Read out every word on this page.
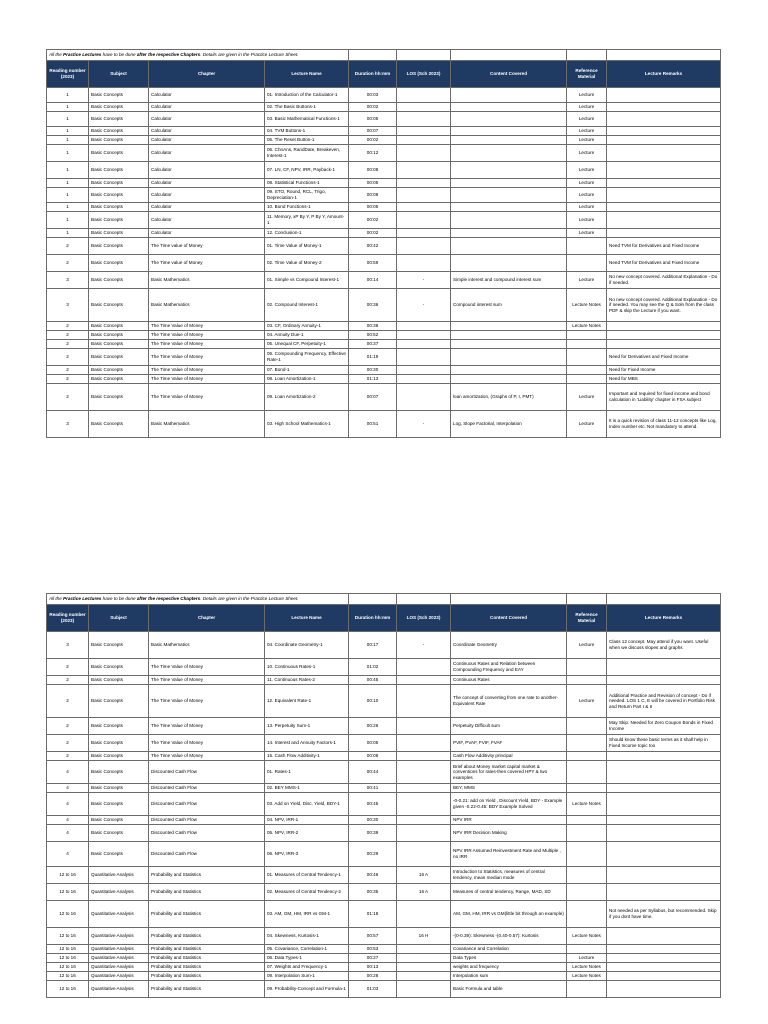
All the Practice Lectures have to be done after the respective Chapters. Details are given in the Practice Lecture Sheet.								
Reading number (2023)	Subject	Chapter	Lecture Name	Duration hh:mm	LOS (Sch 2023)	Content Covered	Reference Material	Lecture Remarks
1	Basic Concepts	Calculator	01. Introduction of the Calculator-1	00:03			Lecture	
1	Basic Concepts	Calculator	02. The Basic Buttons-1	00:02			Lecture	
1	Basic Concepts	Calculator	03. Basic Mathematical Functions-1	00:05			Lecture	
1	Basic Concepts	Calculator	04. TVM Buttons-1	00:07			Lecture	
1	Basic Concepts	Calculator	05. The Reset Button-1	00:02			Lecture	
1	Basic Concepts	Calculator	06. ChnAns, RandDate, Breakeven, Interest-1	00:12			Lecture	
1	Basic Concepts	Calculator	07. LN, CF, NPV, IRR, Payback-1	00:08			Lecture	
1	Basic Concepts	Calculator	08. Statistical Functions-1	00:05			Lecture	
1	Basic Concepts	Calculator	09. STO, Round, RCL, Trigo, Depreciation-1	00:08			Lecture	
1	Basic Concepts	Calculator	10. Bond Functions-1	00:05			Lecture	
1	Basic Concepts	Calculator	11. Memory, xP By Y, P By Y, Amount-1	00:02			Lecture	
1	Basic Concepts	Calculator	12. Conclusion-1	00:02			Lecture	
2	Basic Concepts	The Time value of Money	01. Time Value of Money-1	00:42				Need TVM for Derivatives and Fixed Income
2	Basic Concepts	The Time value of Money	02. Time Value of Money-2	00:59				Need TVM for Derivatives and Fixed Income
3	Basic Concepts	Basic Mathematics	01. Simple vs Compound Interest-1	00:14	-	Simple interest and compound interest sum	Lecture	No new concept covered. Additional Explanation - Do if needed.
3	Basic Concepts	Basic Mathematics	02. Compound Interest-1	00:36	-	Compound interest sum	Lecture Notes	No new concept covered. Additional Explanation - Do if needed. You may see the Q & Soln from the class PDF & skip the Lecture if you want.
2	Basic Concepts	The Time Value of Money	03. CF, Ordinary Annuity-1	00:38			Lecture Notes	
2	Basic Concepts	The Time Value of Money	04. Annuity Due-1	00:52				
2	Basic Concepts	The Time Value of Money	05. Unequal CF, Perpetuity-1	00:37				
2	Basic Concepts	The Time Value of Money	06. Compounding Frequency, Effective Rate-1	01:19				Need for Derivatives and Fixed Income
2	Basic Concepts	The Time Value of Money	07. Bond-1	00:30				Need for Fixed Income
2	Basic Concepts	The Time Value of Money	08. Loan Amortization-1	01:13				Need for MBS
2	Basic Concepts	The Time Value of Money	09. Loan Amortization-2	00:07		loan amortization, (Graphs of P, I, PMT)	Lecture	Important and required for fixed income and bond calculation in 'Liability' chapter in FSA subject
3	Basic Concepts	Basic Mathematics	03. High School Mathematics-1	00:51	-	Log, Slope Factorial, Interpolation	Lecture	It is a quick revision of class 11-12 concepts like Log, Index number etc. Not mandatory to attend.
All the Practice Lectures have to be done after the respective Chapters. Details are given in the Practice Lecture Sheet.								
Reading number (2023)	Subject	Chapter	Lecture Name	Duration hh:mm	LOS (Sch 2023)	Content Covered	Reference Material	Lecture Remarks
3	Basic Concepts	Basic Mathematics	04. Coordinate Geometry-1	00:17	-	Coordinate Geometry	Lecture	Class 12 concept. May attend if you want. Useful when we discuss slopes and graphs
2	Basic Concepts	The Time Value of Money	10. Continuous Rates-1	01:02		Continuous Rates and Relation between Compounding Frequency and EAY		
2	Basic Concepts	The Time Value of Money	11. Continuous Rates-2	00:45		Continuous Rates		
2	Basic Concepts	The Time Value of Money	12. Equivalent Rate-1	00:10		The concept of converting from one rate to another-Equivalent Rate	Lecture	Additional Practice and Revision of concept - Do if needed. LOS 1 C, E will be covered in Portfolio Risk and Return Part I & II
2	Basic Concepts	The Time Value of Money	13. Perpetuity Sum-1	00:26		Perpetuity Difficult sum		May Skip. Needed for Zero Coupon Bonds in Fixed Income
2	Basic Concepts	The Time Value of Money	14. Interest and Annuity Factors-1	00:05		PVIF, PVAF, FVIF, FVAF		Should know these basic terms as it shall help in Fixed Income topic too
2	Basic Concepts	The Time Value of Money	15. Cash Flow Additivity-1	00:08		Cash Flow Additivity principal		
4	Basic Concepts	Discounted Cash Flow	01. Rates-1	00:44		Brief about Money market capital market & conventions for rates-then covered HPY & two examples		
4	Basic Concepts	Discounted Cash Flow	02. BEY MMS-1	00:41		BEY, MMS		
4	Basic Concepts	Discounted Cash Flow	03. Add on Yield, Disc. Yield, BDY-1	00:45		-0-0.21: add on Yield , Discount Yield, BDY - Example given -0.22-0.45: BDY Example Solved	Lecture Notes	
4	Basic Concepts	Discounted Cash Flow	04. NPV, IRR-1	00:30		NPV IRR		
4	Basic Concepts	Discounted Cash Flow	05. NPV, IRR-2	00:39		NPV IRR Decision Making		
4	Basic Concepts	Discounted Cash Flow	06. NPV, IRR-3	00:29		NPV IRR Assumed Reinvestment Rate and Multiple , no IRR		
12 to 16	Quantitative Analysis	Probability and Statistics	01. Measures of Central Tendency-1	00:46	16 A	Introduction to Statistics, measures of central tendency, mean median mode		
12 to 16	Quantitative Analysis	Probability and Statistics	02. Measures of Central Tendency-2	00:35	16 A	Measures of central tendency, Range, MAD, SD		
12 to 16	Quantitative Analysis	Probability and Statistics	03. AM, GM, HM, IRR vs GM-1	01:18		AM, GM, HM, IRR vs GM(little bit through an example)		Not needed as per Syllabus, but recommended. Skip if you dont have time.
12 to 16	Quantitative Analysis	Probability and Statistics	04. Skewness, Kurtosis-1	00:57	16 H	-(0-0.39): Skewness -(0.40-0.57): Kurtosis	Lecture Notes	
12 to 16	Quantitative Analysis	Probability and Statistics	05. Covariance, Correlation-1	00:53		Covariance and Correlation		
12 to 16	Quantitative Analysis	Probability and Statistics	06. Data Types-1	00:27		Data Types	Lecture	
12 to 16	Quantitative Analysis	Probability and Statistics	07. Weights and Frequency-1	00:13		weights and frequency	Lecture Notes	
12 to 16	Quantitative Analysis	Probability and Statistics	08. Interpolation Sum-1	00:28		Interpolation sum	Lecture Notes	
12 to 16	Quantitative Analysis	Probability and Statistics	09. Probability-Concept and Formula-1	01:03		Basic Formula and table		
